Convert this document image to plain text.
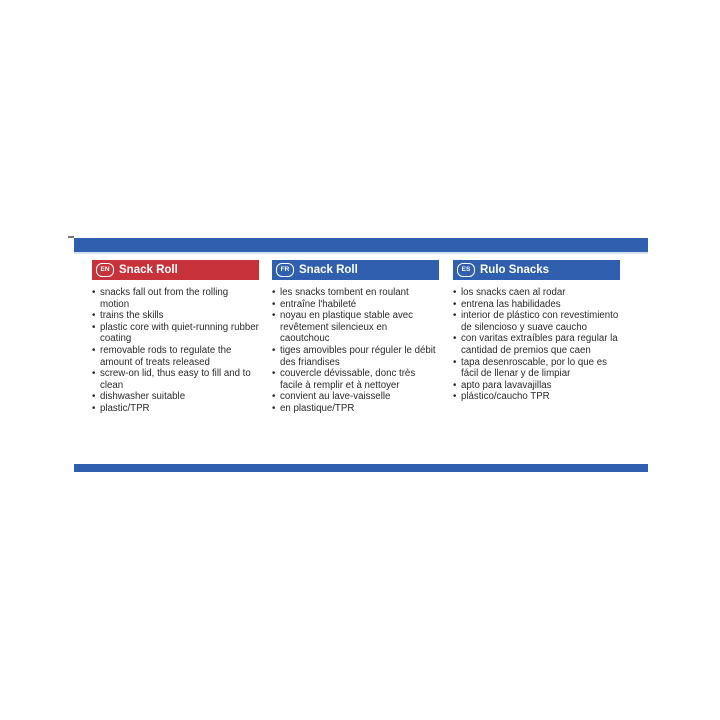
EN Snack Roll
• snacks fall out from the rolling motion
• trains the skills
• plastic core with quiet-running rubber coating
• removable rods to regulate the amount of treats released
• screw-on lid, thus easy to fill and to clean
• dishwasher suitable
• plastic/TPR
FR Snack Roll
• les snacks tombent en roulant
• entraîne l'habileté
• noyau en plastique stable avec revêtement silencieux en caoutchouc
• tiges amovibles pour réguler le débit des friandises
• couvercle dévissable, donc très facile à remplir et à nettoyer
• convient au lave-vaisselle
• en plastique/TPR
ES Rulo Snacks
• los snacks caen al rodar
• entrena las habilidades
• interior de plástico con revestimiento de silencioso y suave caucho
• con varitas extraíbles para regular la cantidad de premios que caen
• tapa desenroscable, por lo que es fácil de llenar y de limpiar
• apto para lavavajillas
• plástico/caucho TPR
